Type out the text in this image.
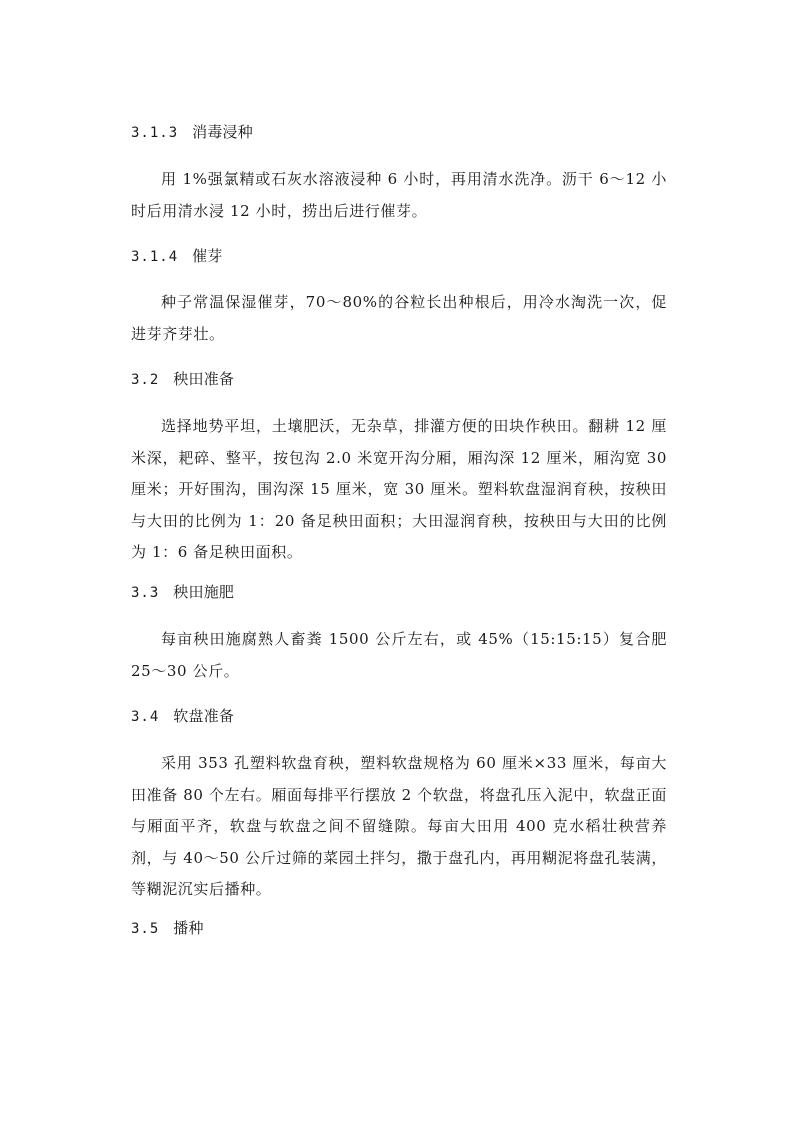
3.1.3 消毒浸种
用 1%强氯精或石灰水溶液浸种 6 小时，再用清水洗净。沥干 6～12 小时后用清水浸 12 小时，捞出后进行催芽。
3.1.4 催芽
种子常温保湿催芽，70～80%的谷粒长出种根后，用冷水淘洗一次，促进芽齐芽壮。
3.2 秧田准备
选择地势平坦，土壤肥沃，无杂草，排灌方便的田块作秧田。翻耕 12 厘米深，耙碎、整平，按包沟 2.0 米宽开沟分厢，厢沟深 12 厘米，厢沟宽 30 厘米；开好围沟，围沟深 15 厘米，宽 30 厘米。塑料软盘湿润育秧，按秧田与大田的比例为 1：20 备足秧田面积；大田湿润育秧，按秧田与大田的比例为 1：6 备足秧田面积。
3.3 秧田施肥
每亩秧田施腐熟人畜粪 1500 公斤左右，或 45%（15:15:15）复合肥 25～30 公斤。
3.4 软盘准备
采用 353 孔塑料软盘育秧，塑料软盘规格为 60 厘米×33 厘米，每亩大田准备 80 个左右。厢面每排平行摆放 2 个软盘，将盘孔压入泥中，软盘正面与厢面平齐，软盘与软盘之间不留缝隙。每亩大田用 400 克水稻壮秧营养剂，与 40～50 公斤过筛的菜园土拌匀，撒于盘孔内，再用糊泥将盘孔装满，等糊泥沉实后播种。
3.5 播种
